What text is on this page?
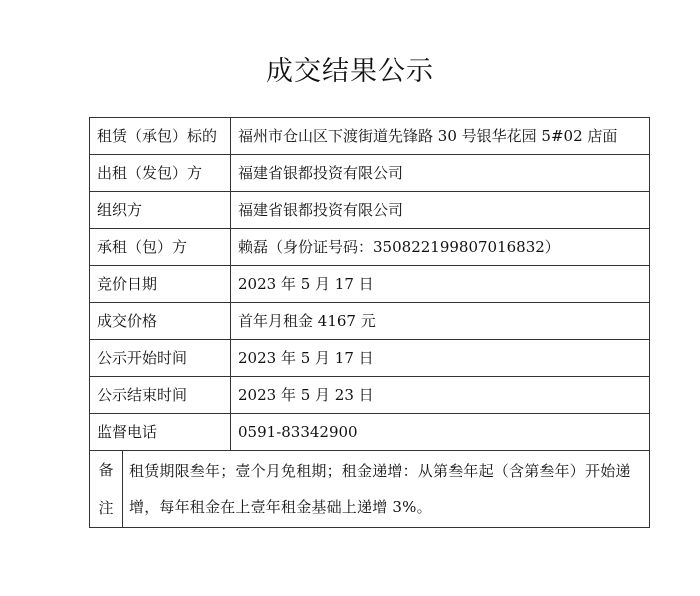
成交结果公示
租赁（承包）标的		福州市仓山区下渡街道先锋路 30 号银华花园 5#02 店面
出租（发包）方		福建省银都投资有限公司
组织方		福建省银都投资有限公司
承租（包）方		赖磊（身份证号码：350822199807016832）
竞价日期		2023 年 5 月 17 日
成交价格		首年月租金 4167 元
公示开始时间		2023 年 5 月 17 日
公示结束时间		2023 年 5 月 23 日
监督电话		0591-83342900

备
注	租赁期限叁年；壹个月免租期；租金递增：从第叁年起（含第叁年）开始递增，每年租金在上壹年租金基础上递增 3%。	
